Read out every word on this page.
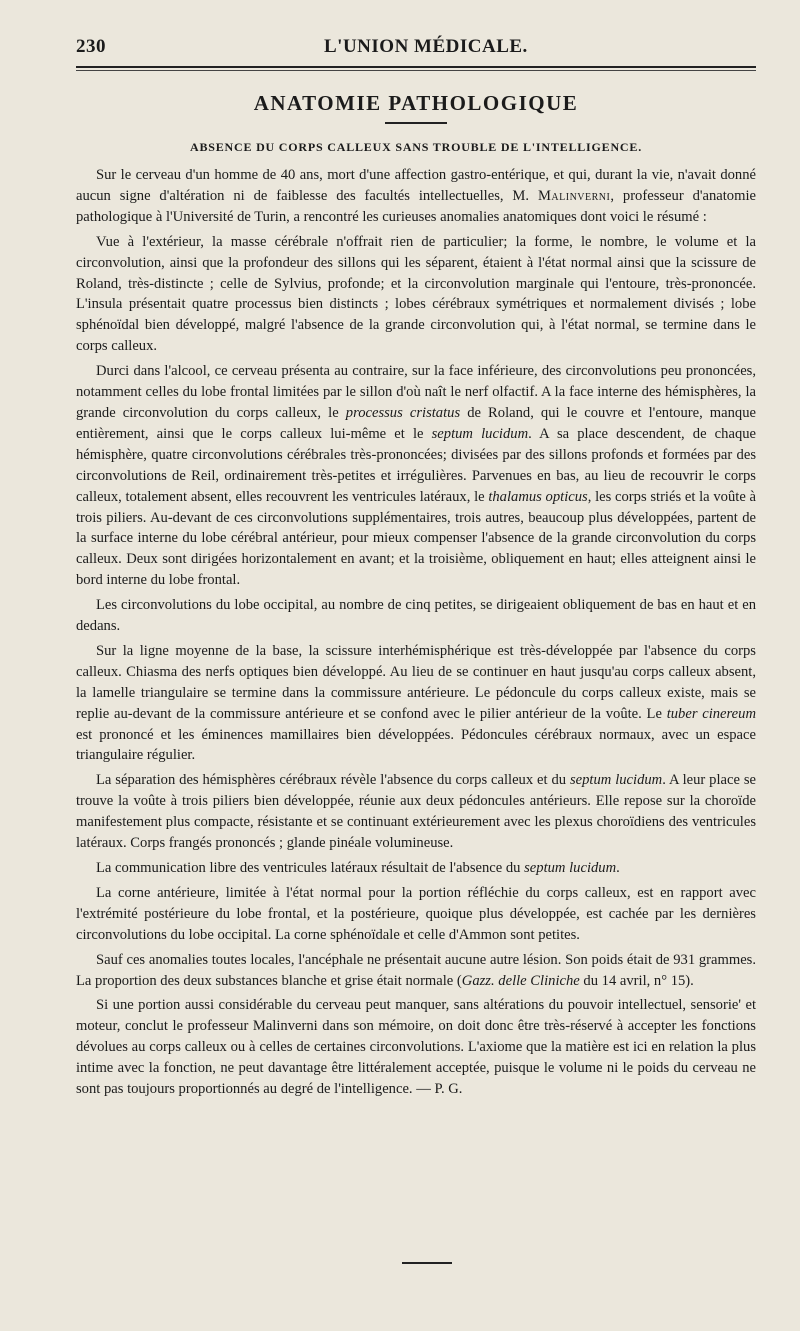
230	L'UNION MÉDICALE.
ANATOMIE PATHOLOGIQUE
ABSENCE DU CORPS CALLEUX SANS TROUBLE DE L'INTELLIGENCE.

Sur le cerveau d'un homme de 40 ans, mort d'une affection gastro-entérique, et qui, durant la vie, n'avait donné aucun signe d'altération ni de faiblesse des facultés intellectuelles, M. Malinverni, professeur d'anatomie pathologique à l'Université de Turin, a rencontré les curieuses anomalies anatomiques dont voici le résumé :

Vue à l'extérieur, la masse cérébrale n'offrait rien de particulier; la forme, le nombre, le volume et la circonvolution, ainsi que la profondeur des sillons qui les séparent, étaient à l'état normal ainsi que la scissure de Roland, très-distincte ; celle de Sylvius, profonde; et la circonvolution marginale qui l'entoure, très-prononcée. L'insula présentait quatre processus bien distincts ; lobes cérébraux symétriques et normalement divisés ; lobe sphénoïdal bien développé, malgré l'absence de la grande circonvolution qui, à l'état normal, se termine dans le corps calleux.

Durci dans l'alcool, ce cerveau présenta au contraire, sur la face inférieure, des circonvolutions peu prononcées, notamment celles du lobe frontal limitées par le sillon d'où naît le nerf olfactif. A la face interne des hémisphères, la grande circonvolution du corps calleux, le processus cristatus de Roland, qui le couvre et l'entoure, manque entièrement, ainsi que le corps calleux lui-même et le septum lucidum. A sa place descendent, de chaque hémisphère, quatre circonvolutions cérébrales très-prononcées; divisées par des sillons profonds et formées par des circonvolutions de Reil, ordinairement très-petites et irrégulières. Parvenues en bas, au lieu de recouvrir le corps calleux, totalement absent, elles recouvrent les ventricules latéraux, le thalamus opticus, les corps striés et la voûte à trois piliers. Au-devant de ces circonvolutions supplémentaires, trois autres, beaucoup plus développées, partent de la surface interne du lobe cérébral antérieur, pour mieux compenser l'absence de la grande circonvolution du corps calleux. Deux sont dirigées horizontalement en avant; et la troisième, obliquement en haut; elles atteignent ainsi le bord interne du lobe frontal.

Les circonvolutions du lobe occipital, au nombre de cinq petites, se dirigeaient obliquement de bas en haut et en dedans.

Sur la ligne moyenne de la base, la scissure interhémisphérique est très-développée par l'absence du corps calleux. Chiasma des nerfs optiques bien développé. Au lieu de se continuer en haut jusqu'au corps calleux absent, la lamelle triangulaire se termine dans la commissure antérieure. Le pédoncule du corps calleux existe, mais se replie au-devant de la commissure antérieure et se confond avec le pilier antérieur de la voûte. Le tuber cinereum est prononcé et les éminences mamillaires bien développées. Pédoncules cérébraux normaux, avec un espace triangulaire régulier.

La séparation des hémisphères cérébraux révèle l'absence du corps calleux et du septum lucidum. A leur place se trouve la voûte à trois piliers bien développée, réunie aux deux pédoncules antérieurs. Elle repose sur la choroïde manifestement plus compacte, résistante et se continuant extérieurement avec les plexus choroïdiens des ventricules latéraux. Corps frangés prononcés ; glande pinéale volumineuse.

La communication libre des ventricules latéraux résultait de l'absence du septum lucidum.

La corne antérieure, limitée à l'état normal pour la portion réfléchie du corps calleux, est en rapport avec l'extrémité postérieure du lobe frontal, et la postérieure, quoique plus développée, est cachée par les dernières circonvolutions du lobe occipital. La corne sphénoïdale et celle d'Ammon sont petites.

Sauf ces anomalies toutes locales, l'ancéphale ne présentait aucune autre lésion. Son poids était de 931 grammes. La proportion des deux substances blanche et grise était normale (Gazz. delle Cliniche du 14 avril, n° 15).

Si une portion aussi considérable du cerveau peut manquer, sans altérations du pouvoir intellectuel, sensorie' et moteur, conclut le professeur Malinverni dans son mémoire, on doit donc être très-réservé à accepter les fonctions dévolues au corps calleux ou à celles de certaines circonvolutions. L'axiome que la matière est ici en relation la plus intime avec la fonction, ne peut davantage être littéralement acceptée, puisque le volume ni le poids du cerveau ne sont pas toujours proportionnés au degré de l'intelligence. — P. G.
